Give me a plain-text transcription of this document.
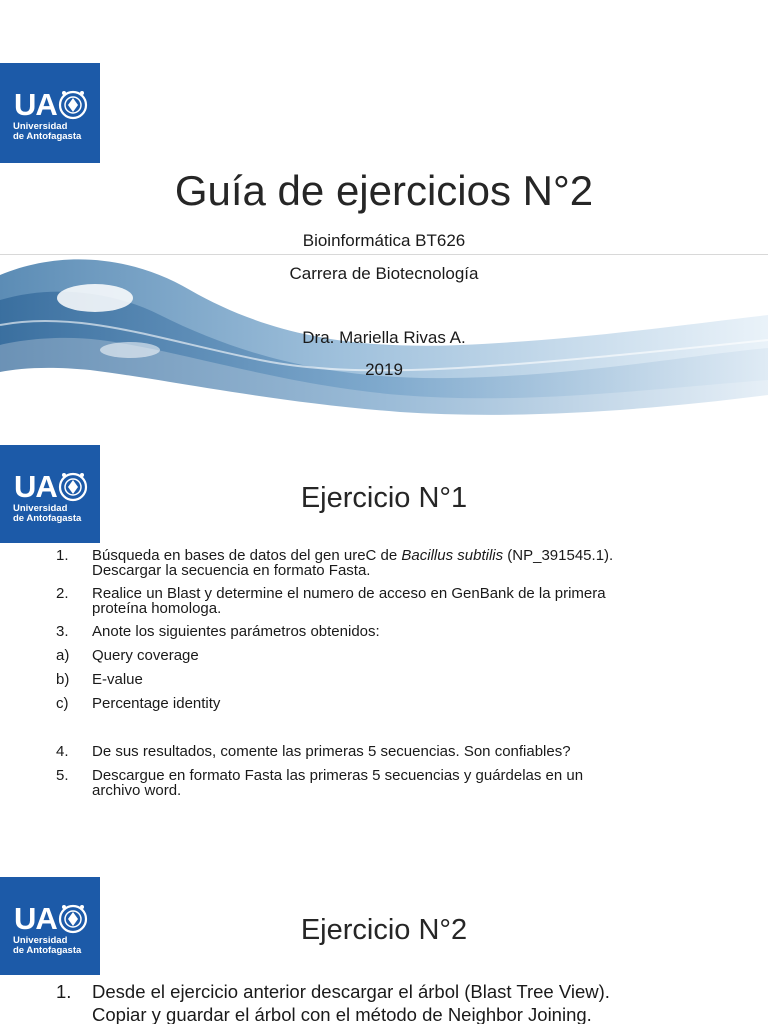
UA
Universidad
de Antofagasta
Guía de ejercicios N°2
Bioinformática BT626
Carrera de Biotecnología
Dra. Mariella Rivas A.
2019
UA
Universidad
de Antofagasta
Ejercicio N°1
1.	Búsqueda en bases de datos del gen ureC de Bacillus subtilis (NP_391545.1).
Descargar la secuencia en formato Fasta.
2.	Realice un Blast y determine el numero de acceso en GenBank de la primera
proteína homologa.
3.	Anote los siguientes parámetros obtenidos:
a)	Query coverage
b)	E-value
c)	Percentage identity
4.	De sus resultados, comente las primeras 5 secuencias. Son confiables?
5.	Descargue en formato Fasta las primeras 5 secuencias y guárdelas en un
archivo word.
UA
Universidad
de Antofagasta
Ejercicio N°2
1.	Desde el ejercicio anterior descargar el árbol (Blast Tree View).
Copiar y guardar el árbol con el método de Neighbor Joining.
